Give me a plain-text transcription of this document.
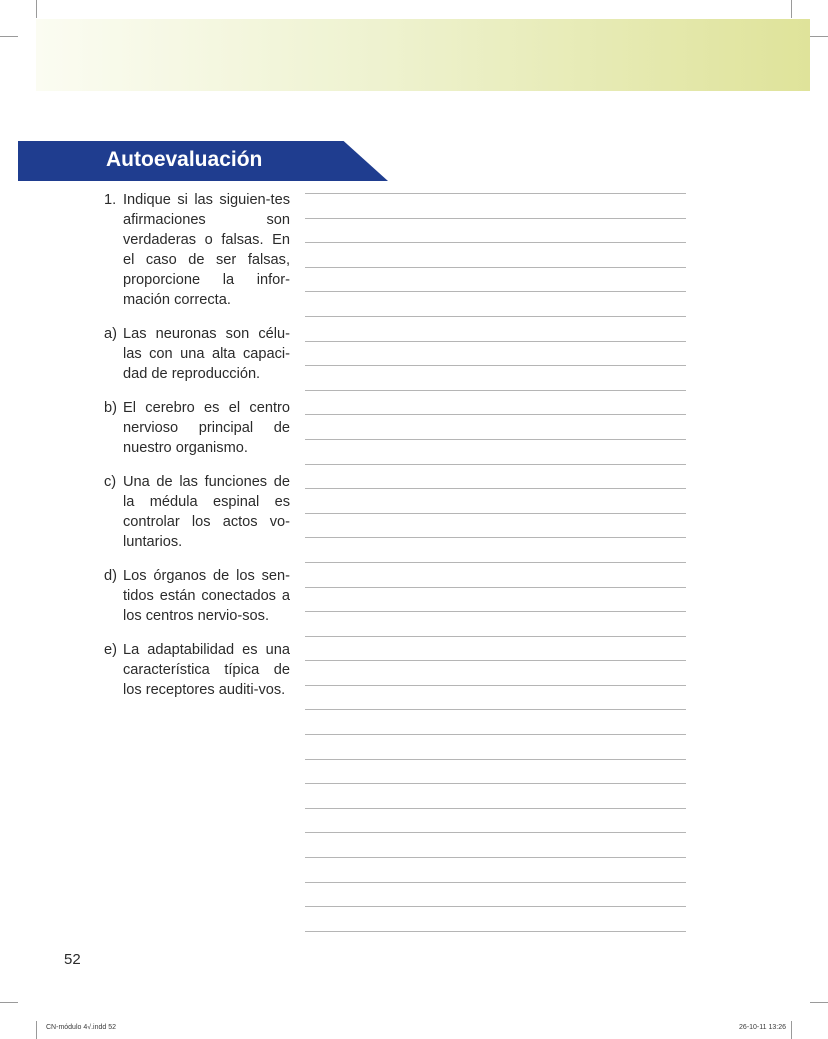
Autoevaluación
1. Indique si las siguien-tes afirmaciones son verdaderas o falsas. En el caso de ser falsas, proporcione la infor-mación correcta.
a) Las neuronas son célu-las con una alta capaci-dad de reproducción.
b) El cerebro es el centro nervioso principal de nuestro organismo.
c) Una de las funciones de la médula espinal es controlar los actos vo-luntarios.
d) Los órganos de los sen-tidos están conectados a los centros nervio-sos.
e) La adaptabilidad es una característica típica de los receptores auditi-vos.
52
CN-módulo 4√.indd 52	26-10-11 13:26
